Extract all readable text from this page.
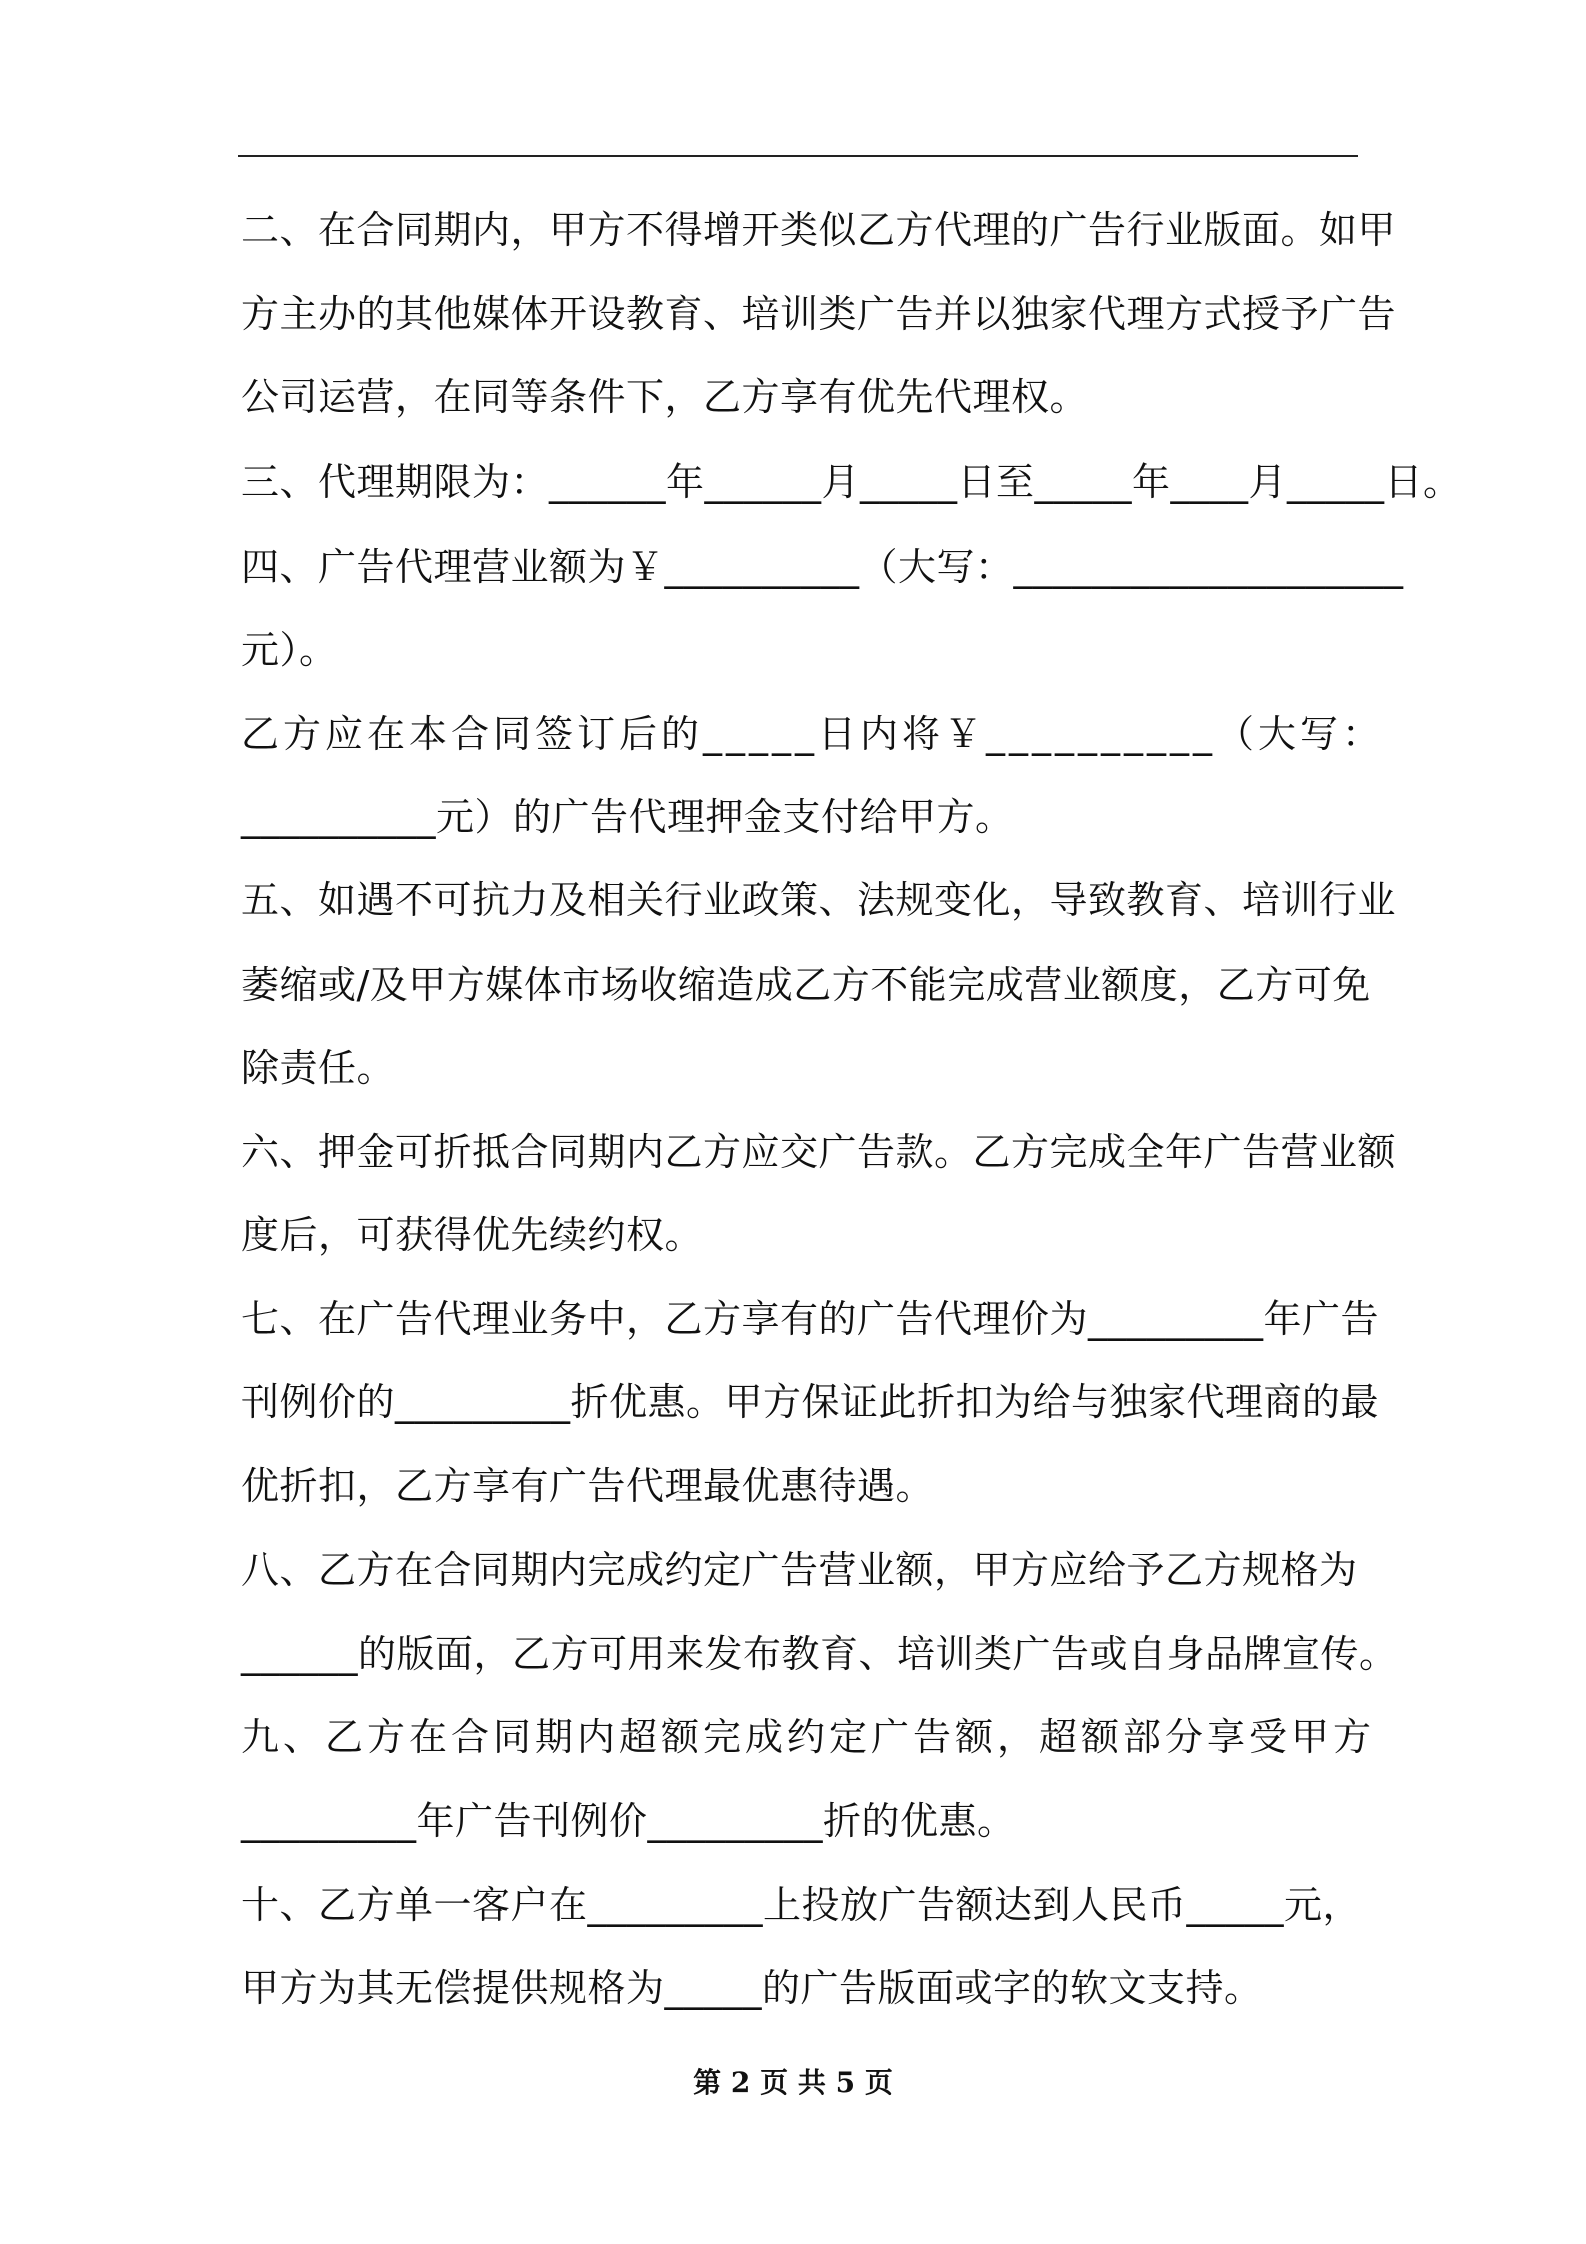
二、在合同期内，甲方不得增开类似乙方代理的广告行业版面。如甲
方主办的其他媒体开设教育、培训类广告并以独家代理方式授予广告
公司运营，在同等条件下，乙方享有优先代理权。
三、代理期限为：______年______月_____日至_____年____月_____日。
四、广告代理营业额为￥__________（大写：____________________
元）。
乙方应在本合同签订后的_____日内将￥__________（大写：
__________元）的广告代理押金支付给甲方。
五、如遇不可抗力及相关行业政策、法规变化，导致教育、培训行业
萎缩或/及甲方媒体市场收缩造成乙方不能完成营业额度，乙方可免
除责任。
六、押金可折抵合同期内乙方应交广告款。乙方完成全年广告营业额
度后，可获得优先续约权。
七、在广告代理业务中，乙方享有的广告代理价为_________年广告
刊例价的_________折优惠。甲方保证此折扣为给与独家代理商的最
优折扣，乙方享有广告代理最优惠待遇。
八、乙方在合同期内完成约定广告营业额，甲方应给予乙方规格为
______的版面，乙方可用来发布教育、培训类广告或自身品牌宣传。
九、乙方在合同期内超额完成约定广告额，超额部分享受甲方
_________年广告刊例价_________折的优惠。
十、乙方单一客户在_________上投放广告额达到人民币_____元，
甲方为其无偿提供规格为_____的广告版面或字的软文支持。
第 2 页 共 5 页
